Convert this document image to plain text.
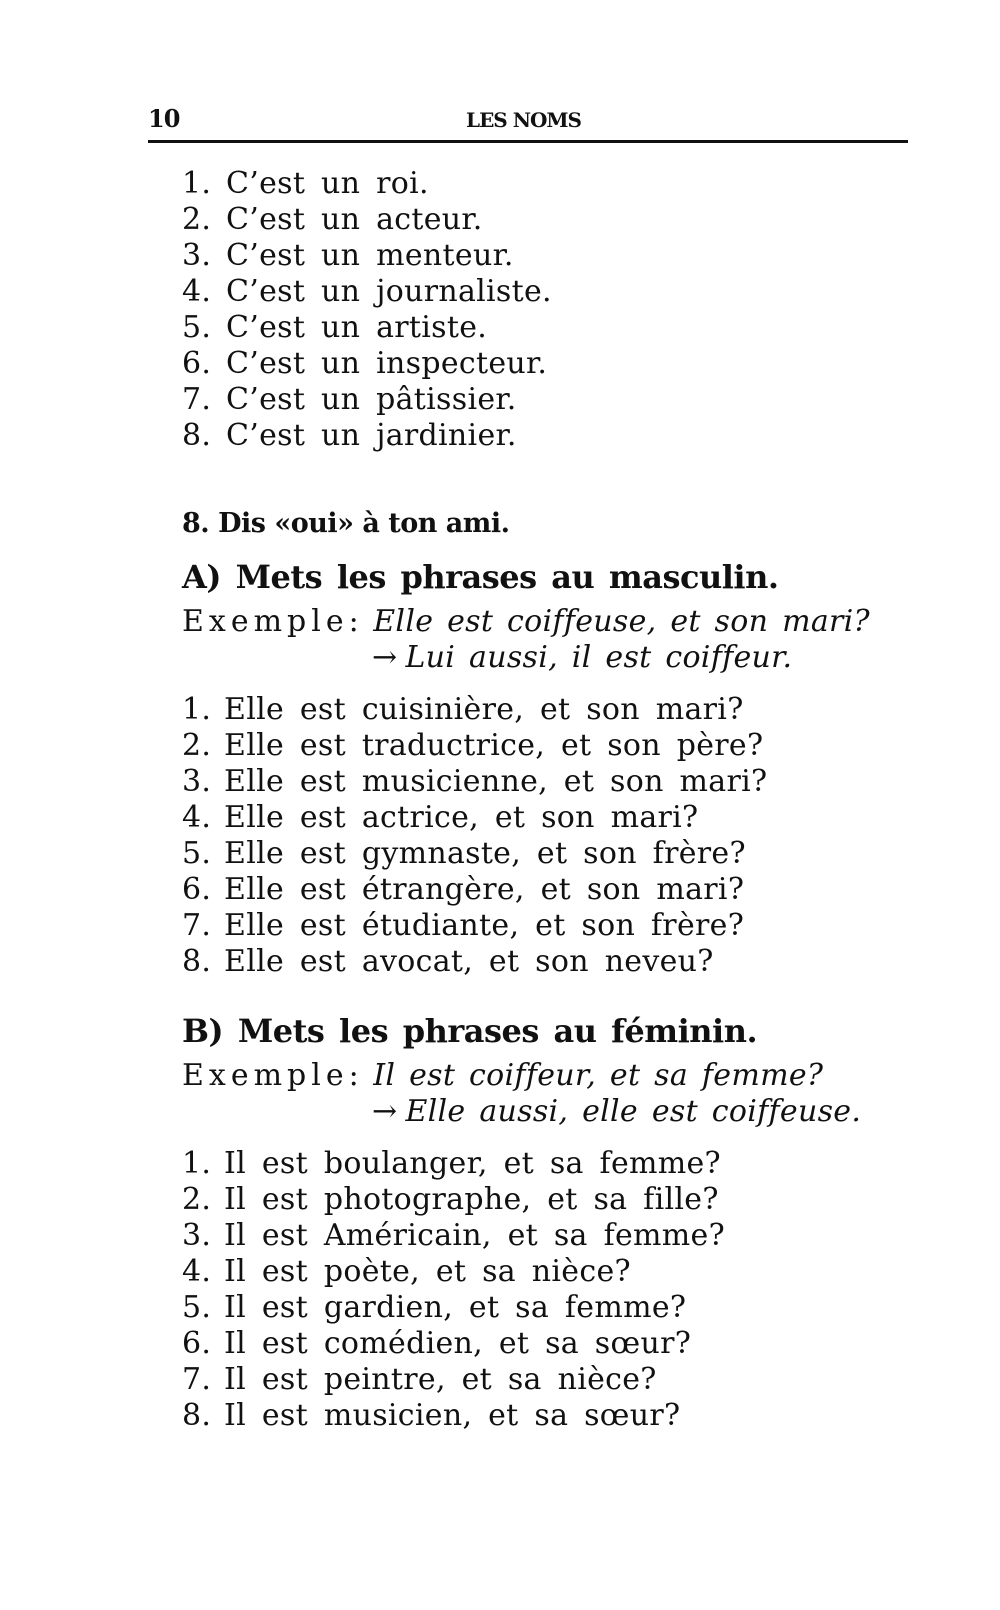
10	LES NOMS
1. C’est un roi.
2. C’est un acteur.
3. C’est un menteur.
4. C’est un journaliste.
5. C’est un artiste.
6. C’est un inspecteur.
7. C’est un pâtissier.
8. C’est un jardinier.
8. Dis «oui» à ton ami.
A) Mets les phrases au masculin.
Exemple: Elle est coiffeuse, et son mari?
→ Lui aussi, il est coiffeur.
1. Elle est cuisinière, et son mari?
2. Elle est traductrice, et son père?
3. Elle est musicienne, et son mari?
4. Elle est actrice, et son mari?
5. Elle est gymnaste, et son frère?
6. Elle est étrangère, et son mari?
7. Elle est étudiante, et son frère?
8. Elle est avocat, et son neveu?
B) Mets les phrases au féminin.
Exemple: Il est coiffeur, et sa femme?
→ Elle aussi, elle est coiffeuse.
1. Il est boulanger, et sa femme?
2. Il est photographe, et sa fille?
3. Il est Américain, et sa femme?
4. Il est poète, et sa nièce?
5. Il est gardien, et sa femme?
6. Il est comédien, et sa sœur?
7. Il est peintre, et sa nièce?
8. Il est musicien, et sa sœur?
